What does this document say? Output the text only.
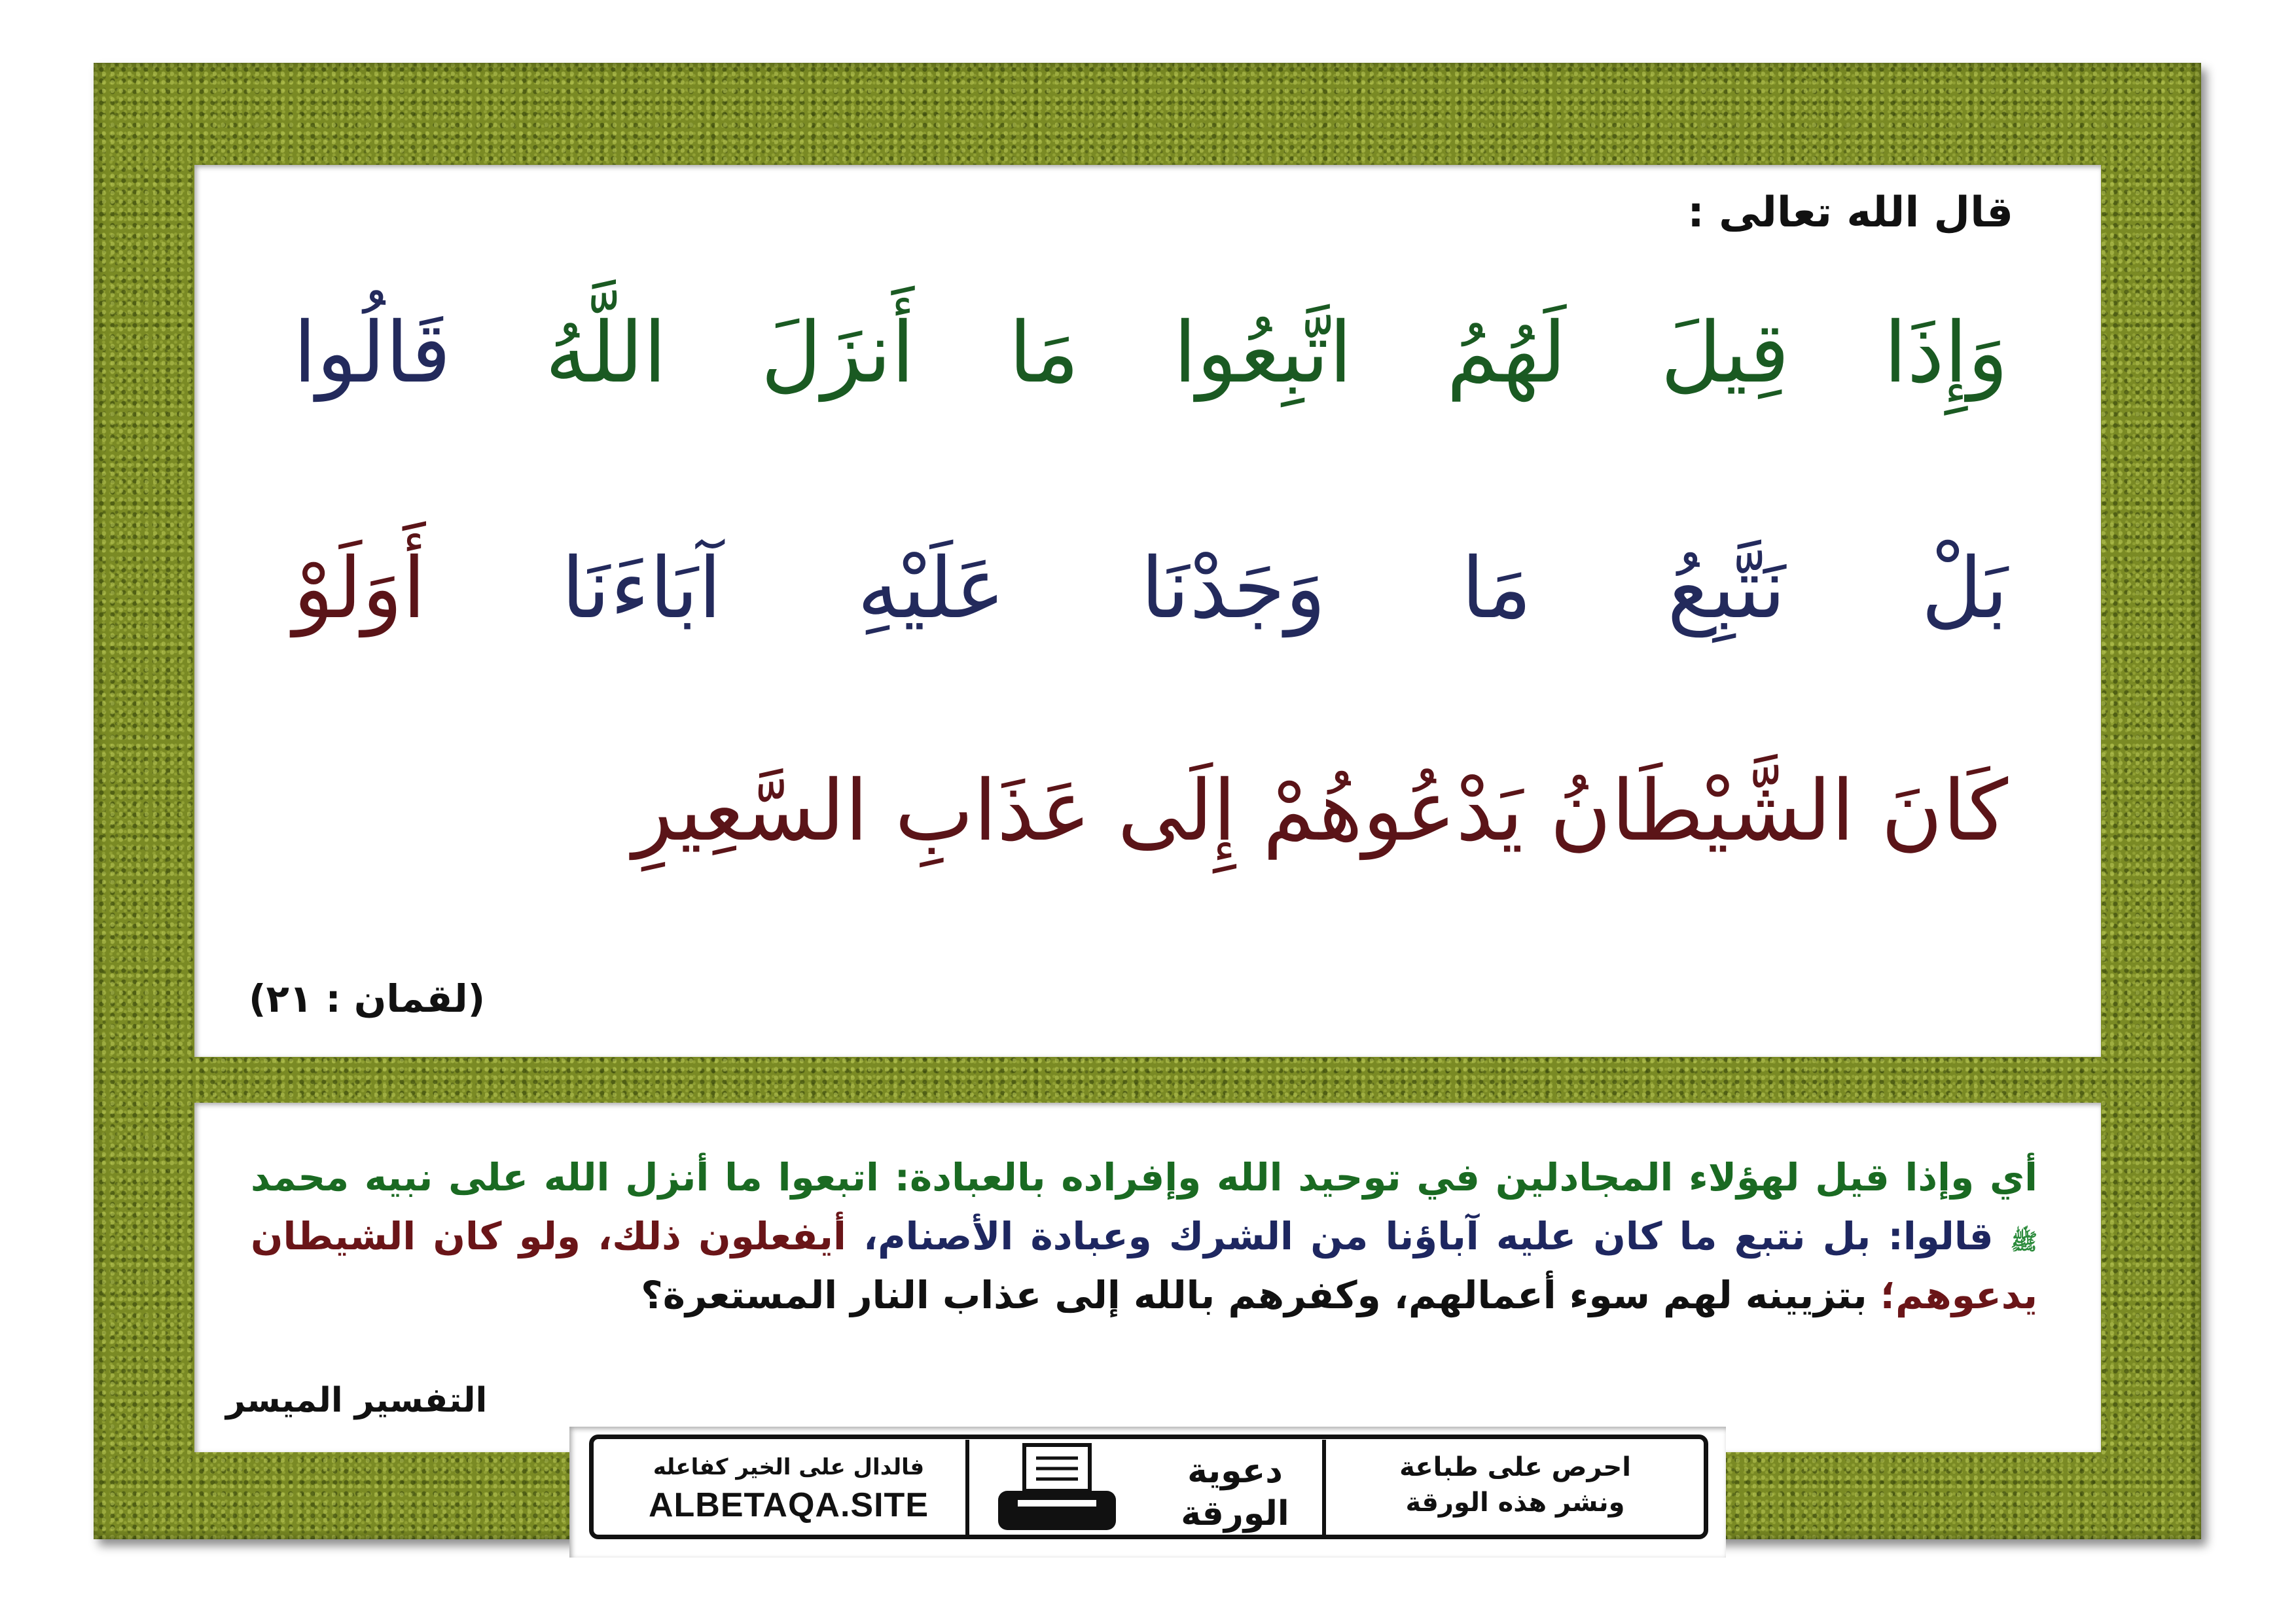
قال الله تعالى :
وَإِذَا قِيلَ لَهُمُ اتَّبِعُوا مَا أَنزَلَ اللَّهُ قَالُوا
بَلْ نَتَّبِعُ مَا وَجَدْنَا عَلَيْهِ آبَاءَنَا أَوَلَوْ
كَانَ الشَّيْطَانُ يَدْعُوهُمْ إِلَى عَذَابِ السَّعِيرِ
(لقمان : ٢١)
أي وإذا قيل لهؤلاء المجادلين في توحيد الله وإفراده بالعبادة: اتبعوا ما أنزل الله على نبيه محمد ﷺ قالوا: بل نتبع ما كان عليه آباؤنا من الشرك وعبادة الأصنام، أيفعلون ذلك، ولو كان الشيطان يدعوهم؛ بتزيينه لهم سوء أعمالهم، وكفرهم بالله إلى عذاب النار المستعرة؟
التفسير الميسر
فالدال على الخير كفاعله
ALBETAQA.SITE
دعوية
الورقة
احرص على طباعة
ونشر هذه الورقة
